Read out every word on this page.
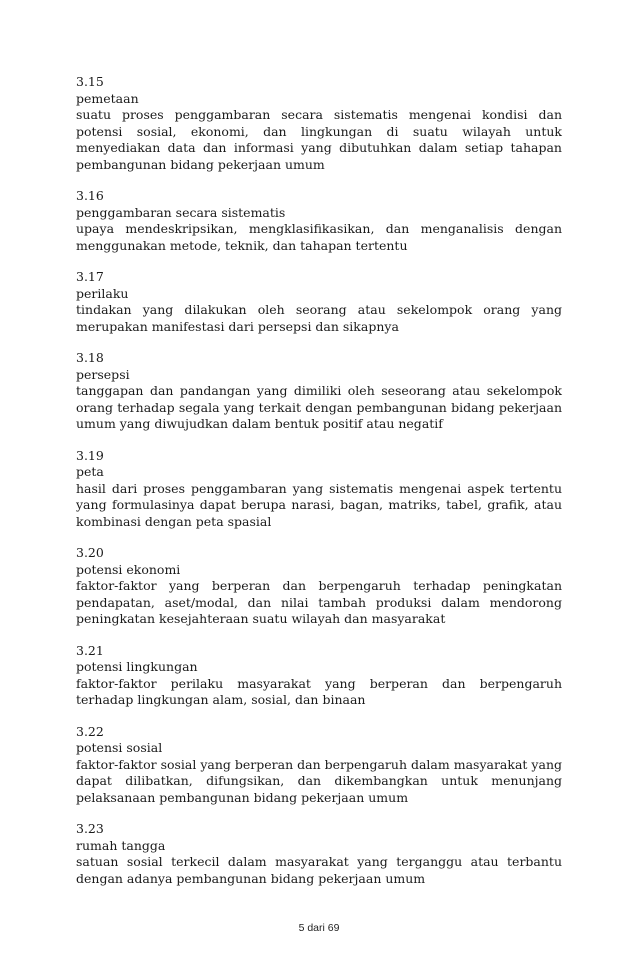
3.15

pemetaan

suatu proses penggambaran secara sistematis mengenai kondisi dan potensi sosial, ekonomi, dan lingkungan di suatu wilayah untuk menyediakan data dan informasi yang dibutuhkan dalam setiap tahapan pembangunan bidang pekerjaan umum

3.16

penggambaran secara sistematis

upaya mendeskripsikan, mengklasifikasikan, dan menganalisis dengan menggunakan metode, teknik, dan tahapan tertentu

3.17

perilaku

tindakan yang dilakukan oleh seorang atau sekelompok orang yang merupakan manifestasi dari persepsi dan sikapnya

3.18

persepsi

tanggapan dan pandangan yang dimiliki oleh seseorang atau sekelompok orang terhadap segala yang terkait dengan pembangunan bidang pekerjaan umum yang diwujudkan dalam bentuk positif atau negatif

3.19

peta

hasil dari proses penggambaran yang sistematis mengenai aspek tertentu yang formulasinya dapat berupa narasi, bagan, matriks, tabel, grafik, atau kombinasi dengan peta spasial

3.20

potensi ekonomi

faktor-faktor yang berperan dan berpengaruh terhadap peningkatan pendapatan, aset/modal, dan nilai tambah produksi dalam mendorong peningkatan kesejahteraan suatu wilayah dan masyarakat

3.21

potensi lingkungan

faktor-faktor perilaku masyarakat yang berperan dan berpengaruh terhadap lingkungan alam, sosial, dan binaan

3.22

potensi sosial

faktor-faktor sosial yang berperan dan berpengaruh dalam masyarakat yang dapat dilibatkan, difungsikan, dan dikembangkan untuk menunjang pelaksanaan pembangunan bidang pekerjaan umum

3.23

rumah tangga

satuan sosial terkecil dalam masyarakat yang terganggu atau terbantu dengan adanya pembangunan bidang pekerjaan umum

5 dari 69
